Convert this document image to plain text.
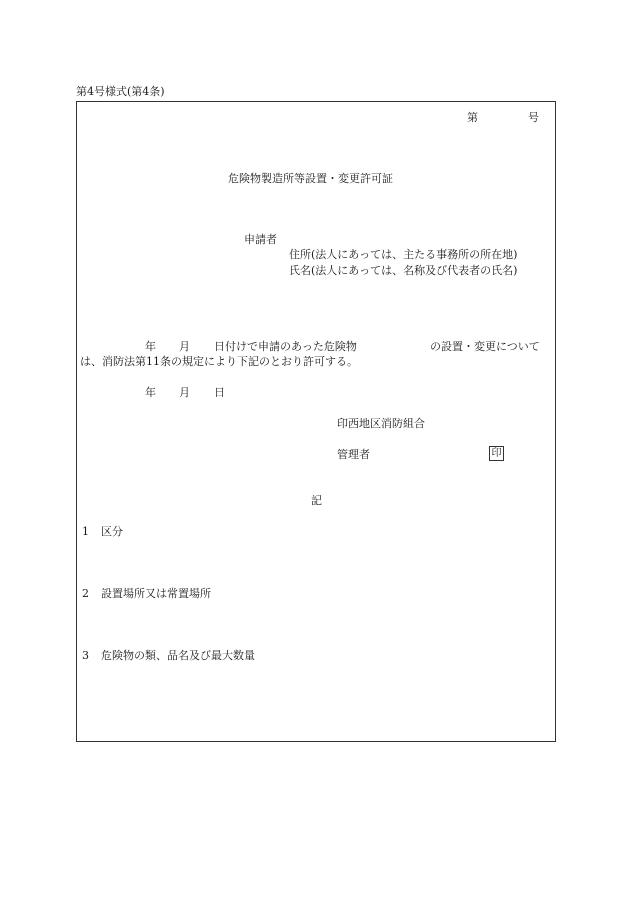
第4号様式(第4条)
第	号
危険物製造所等設置・変更許可証
申請者
住所(法人にあっては、主たる事務所の所在地)
氏名(法人にあっては、名称及び代表者の氏名)
年 月 日付けで申請のあった危険物	の設置・変更について
は、消防法第11条の規定により下記のとおり許可する。
年 月 日
印西地区消防組合
管理者	印
記
1 区分
2 設置場所又は常置場所
3 危険物の類、品名及び最大数量
